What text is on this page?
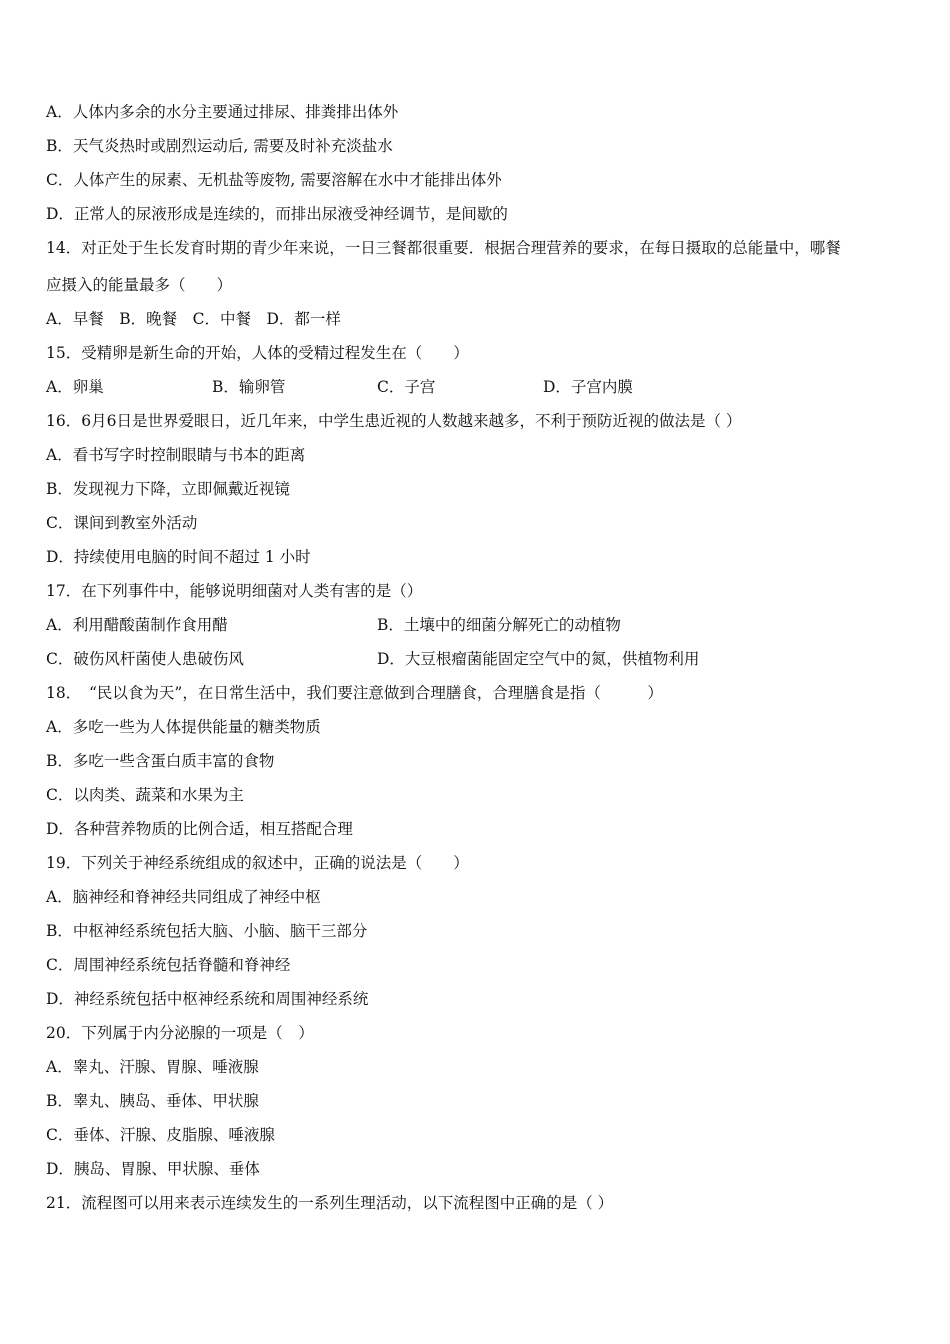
A．人体内多余的水分主要通过排尿、排粪排出体外
B．天气炎热时或剧烈运动后, 需要及时补充淡盐水
C．人体产生的尿素、无机盐等废物, 需要溶解在水中才能排出体外
D．正常人的尿液形成是连续的，而排出尿液受神经调节，是间歇的
14．对正处于生长发育时期的青少年来说，一日三餐都很重要．根据合理营养的要求，在每日摄取的总能量中，哪餐
应摄入的能量最多（　　）
A．早餐　B．晚餐　C．中餐　D．都一样
15．受精卵是新生命的开始，人体的受精过程发生在（　　）
A．卵巢	B．输卵管	C．子宫	D．子宫内膜
16．6月6日是世界爱眼日，近几年来，中学生患近视的人数越来越多，不利于预防近视的做法是（ ）
A．看书写字时控制眼睛与书本的距离
B．发现视力下降，立即佩戴近视镜
C．课间到教室外活动
D．持续使用电脑的时间不超过 1 小时
17．在下列事件中，能够说明细菌对人类有害的是（）
A．利用醋酸菌制作食用醋	B．土壤中的细菌分解死亡的动植物
C．破伤风杆菌使人患破伤风	D．大豆根瘤菌能固定空气中的氮，供植物利用
18．　“民以食为天”，在日常生活中，我们要注意做到合理膳食，合理膳食是指（　　　）
A．多吃一些为人体提供能量的糖类物质
B．多吃一些含蛋白质丰富的食物
C．以肉类、蔬菜和水果为主
D．各种营养物质的比例合适，相互搭配合理
19．下列关于神经系统组成的叙述中，正确的说法是（　　）
A．脑神经和脊神经共同组成了神经中枢
B．中枢神经系统包括大脑、小脑、脑干三部分
C．周围神经系统包括脊髓和脊神经
D．神经系统包括中枢神经系统和周围神经系统
20．下列属于内分泌腺的一项是（　）
A．睾丸、汗腺、胃腺、唾液腺
B．睾丸、胰岛、垂体、甲状腺
C．垂体、汗腺、皮脂腺、唾液腺
D．胰岛、胃腺、甲状腺、垂体
21．流程图可以用来表示连续发生的一系列生理活动，以下流程图中正确的是（ ）
